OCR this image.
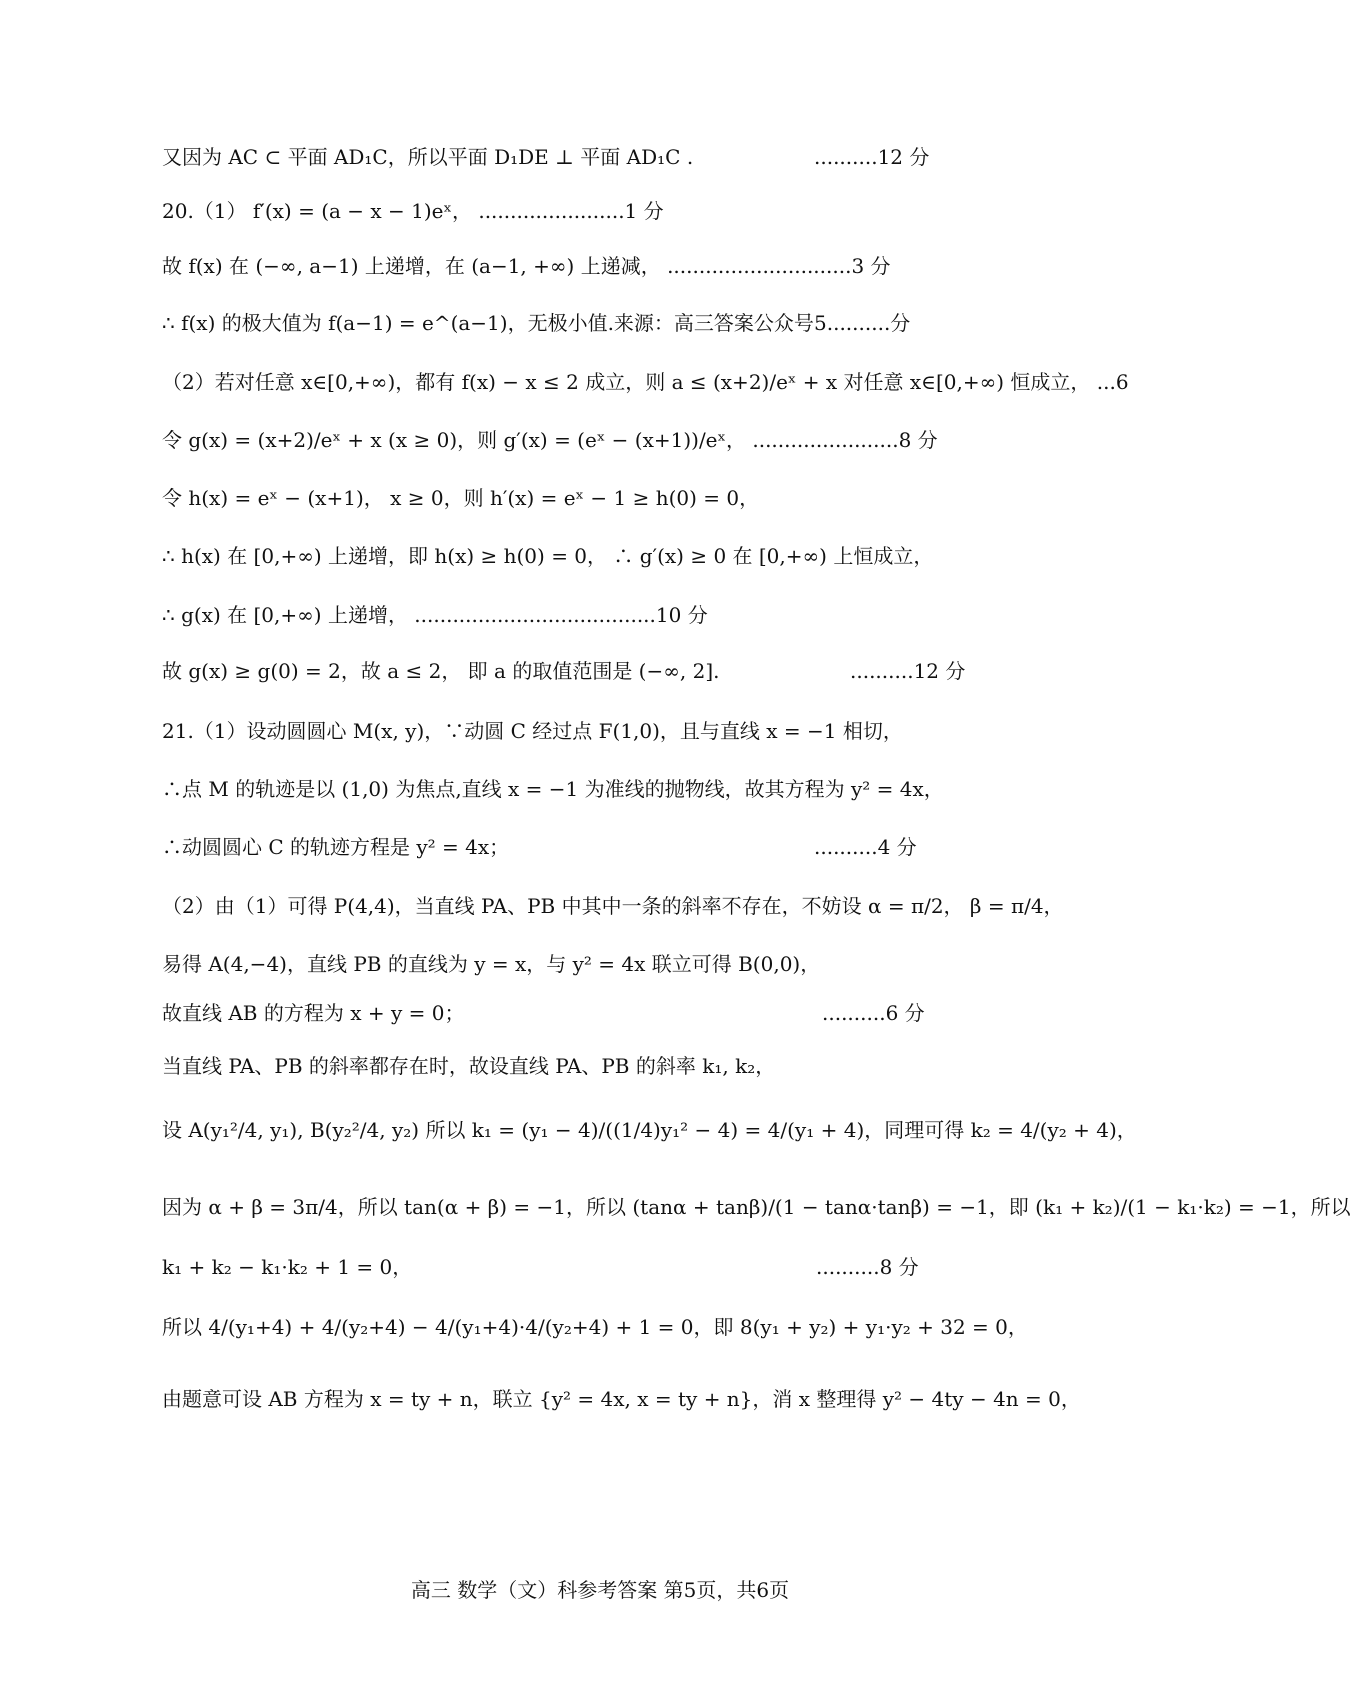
又因为 AC ⊂ 平面 AD₁C，所以平面 D₁DE ⊥ 平面 AD₁C .	..........12 分
20.（1） f′(x) = (a − x − 1)eˣ， .......................1 分
故 f(x) 在 (−∞, a−1) 上递增，在 (a−1, +∞) 上递减， .............................3 分
∴ f(x) 的极大值为 f(a−1) = e^(a−1)，无极小值.来源：高三答案公众号 5..........分
（2）若对任意 x∈[0,+∞)，都有 f(x) − x ≤ 2 成立，则 a ≤ (x+2)/eˣ + x 对任意 x∈[0,+∞) 恒成立， ...6
令 g(x) = (x+2)/eˣ + x (x ≥ 0)，则 g′(x) = (eˣ − (x+1))/eˣ， .......................8 分
令 h(x) = eˣ − (x+1)， x ≥ 0，则 h′(x) = eˣ − 1 ≥ h(0) = 0，
∴ h(x) 在 [0,+∞) 上递增，即 h(x) ≥ h(0) = 0， ∴ g′(x) ≥ 0 在 [0,+∞) 上恒成立，
∴ g(x) 在 [0,+∞) 上递增， ......................................10 分
故 g(x) ≥ g(0) = 2，故 a ≤ 2， 即 a 的取值范围是 (−∞, 2].	..........12 分
21.（1）设动圆圆心 M(x, y)，∵动圆 C 经过点 F(1,0)，且与直线 x = −1 相切，
∴点 M 的轨迹是以 (1,0) 为焦点,直线 x = −1 为准线的抛物线，故其方程为 y² = 4x，
∴动圆圆心 C 的轨迹方程是 y² = 4x；	..........4 分
（2）由（1）可得 P(4,4)，当直线 PA、PB 中其中一条的斜率不存在，不妨设 α = π/2， β = π/4，
易得 A(4,−4)，直线 PB 的直线为 y = x，与 y² = 4x 联立可得 B(0,0)，
故直线 AB 的方程为 x + y = 0；	..........6 分
当直线 PA、PB 的斜率都存在时，故设直线 PA、PB 的斜率 k₁, k₂，
设 A(y₁²/4, y₁), B(y₂²/4, y₂) 所以 k₁ = (y₁ − 4)/((1/4)y₁² − 4) = 4/(y₁ + 4)，同理可得 k₂ = 4/(y₂ + 4)，
因为 α + β = 3π/4，所以 tan(α + β) = −1，所以 (tanα + tanβ)/(1 − tanα·tanβ) = −1，即 (k₁ + k₂)/(1 − k₁·k₂) = −1，所以
k₁ + k₂ − k₁·k₂ + 1 = 0，	..........8 分
所以 4/(y₁+4) + 4/(y₂+4) − 4/(y₁+4)·4/(y₂+4) + 1 = 0，即 8(y₁ + y₂) + y₁·y₂ + 32 = 0，
由题意可设 AB 方程为 x = ty + n，联立 {y² = 4x, x = ty + n}，消 x 整理得 y² − 4ty − 4n = 0，
高三 数学（文）科参考答案 第5页，共6页
